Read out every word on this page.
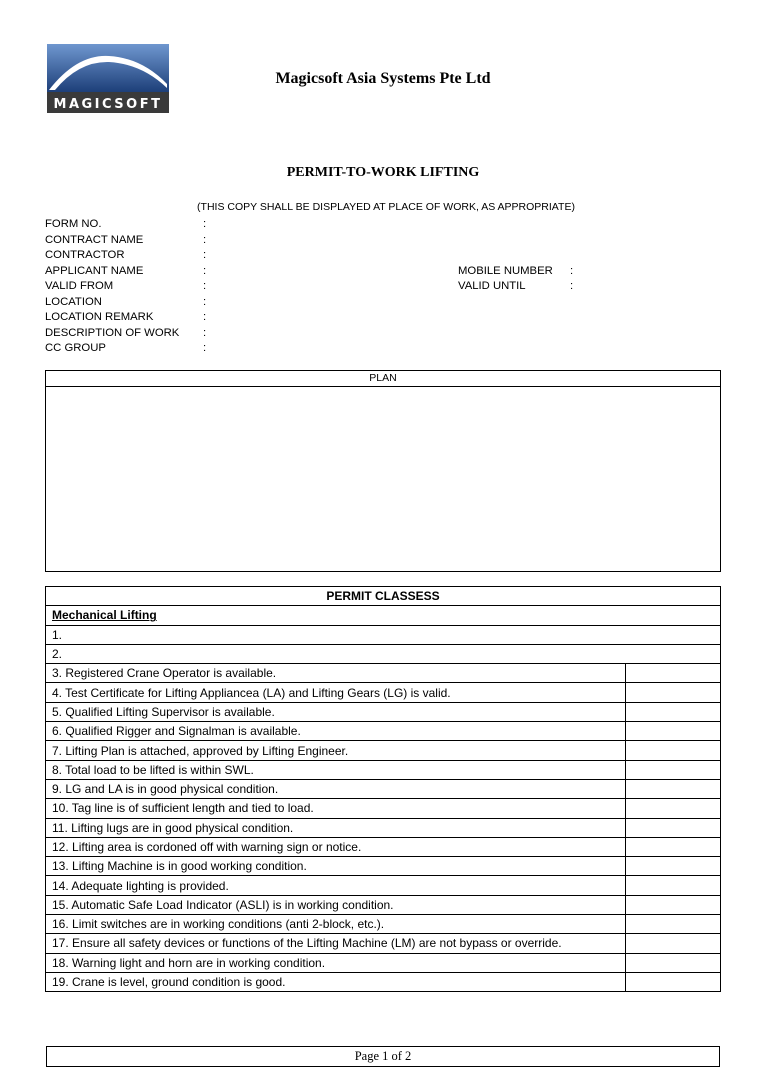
MAGICSOFT
Magicsoft Asia Systems Pte Ltd
PERMIT-TO-WORK LIFTING
(THIS COPY SHALL BE DISPLAYED AT PLACE OF WORK, AS APPROPRIATE)
FORM NO.	:
CONTRACT NAME	:
CONTRACTOR	:
APPLICANT NAME	:	MOBILE NUMBER :
VALID FROM	:	VALID UNTIL	:
LOCATION	:
LOCATION REMARK	:
DESCRIPTION OF WORK :
CC GROUP	:
PLAN
PERMIT CLASSESS	
Mechanical Lifting	
1.	
2.	
3. Registered Crane Operator is available.	
4. Test Certificate for Lifting Appliancea (LA) and Lifting Gears (LG) is valid.	
5. Qualified Lifting Supervisor is available.	
6. Qualified Rigger and Signalman is available.	
7. Lifting Plan is attached, approved by Lifting Engineer.	
8. Total load to be lifted is within SWL.	
9. LG and LA is in good physical condition.	
10. Tag line is of sufficient length and tied to load.	
11. Lifting lugs are in good physical condition.	
12. Lifting area is cordoned off with warning sign or notice.	
13. Lifting Machine is in good working condition.	
14. Adequate lighting is provided.	
15. Automatic Safe Load Indicator (ASLI) is in working condition.	
16. Limit switches are in working conditions (anti 2-block, etc.).	
17. Ensure all safety devices or functions of the Lifting Machine (LM) are not bypass or override.	
18. Warning light and horn are in working condition.	
19. Crane is level, ground condition is good.	
Page 1 of 2
